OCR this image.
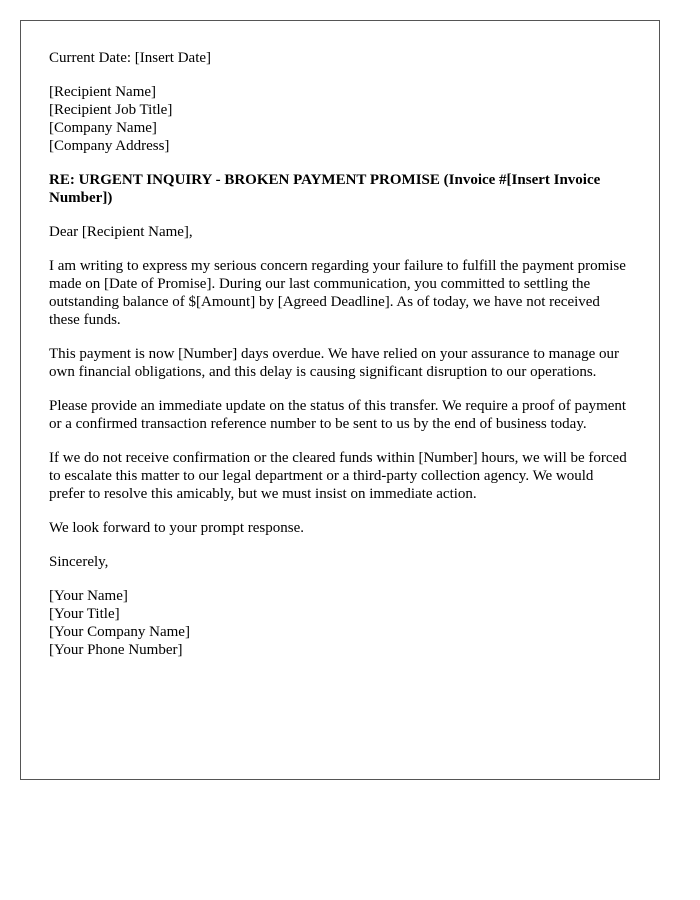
Current Date: [Insert Date]
[Recipient Name]
[Recipient Job Title]
[Company Name]
[Company Address]
RE: URGENT INQUIRY - BROKEN PAYMENT PROMISE (Invoice #[Insert Invoice Number])
Dear [Recipient Name],

I am writing to express my serious concern regarding your failure to fulfill the payment promise made on [Date of Promise]. During our last communication, you committed to settling the outstanding balance of $[Amount] by [Agreed Deadline]. As of today, we have not received these funds.

This payment is now [Number] days overdue. We have relied on your assurance to manage our own financial obligations, and this delay is causing significant disruption to our operations.

Please provide an immediate update on the status of this transfer. We require a proof of payment or a confirmed transaction reference number to be sent to us by the end of business today.

If we do not receive confirmation or the cleared funds within [Number] hours, we will be forced to escalate this matter to our legal department or a third-party collection agency. We would prefer to resolve this amicably, but we must insist on immediate action.

We look forward to your prompt response.

Sincerely,
[Your Name]
[Your Title]
[Your Company Name]
[Your Phone Number]
